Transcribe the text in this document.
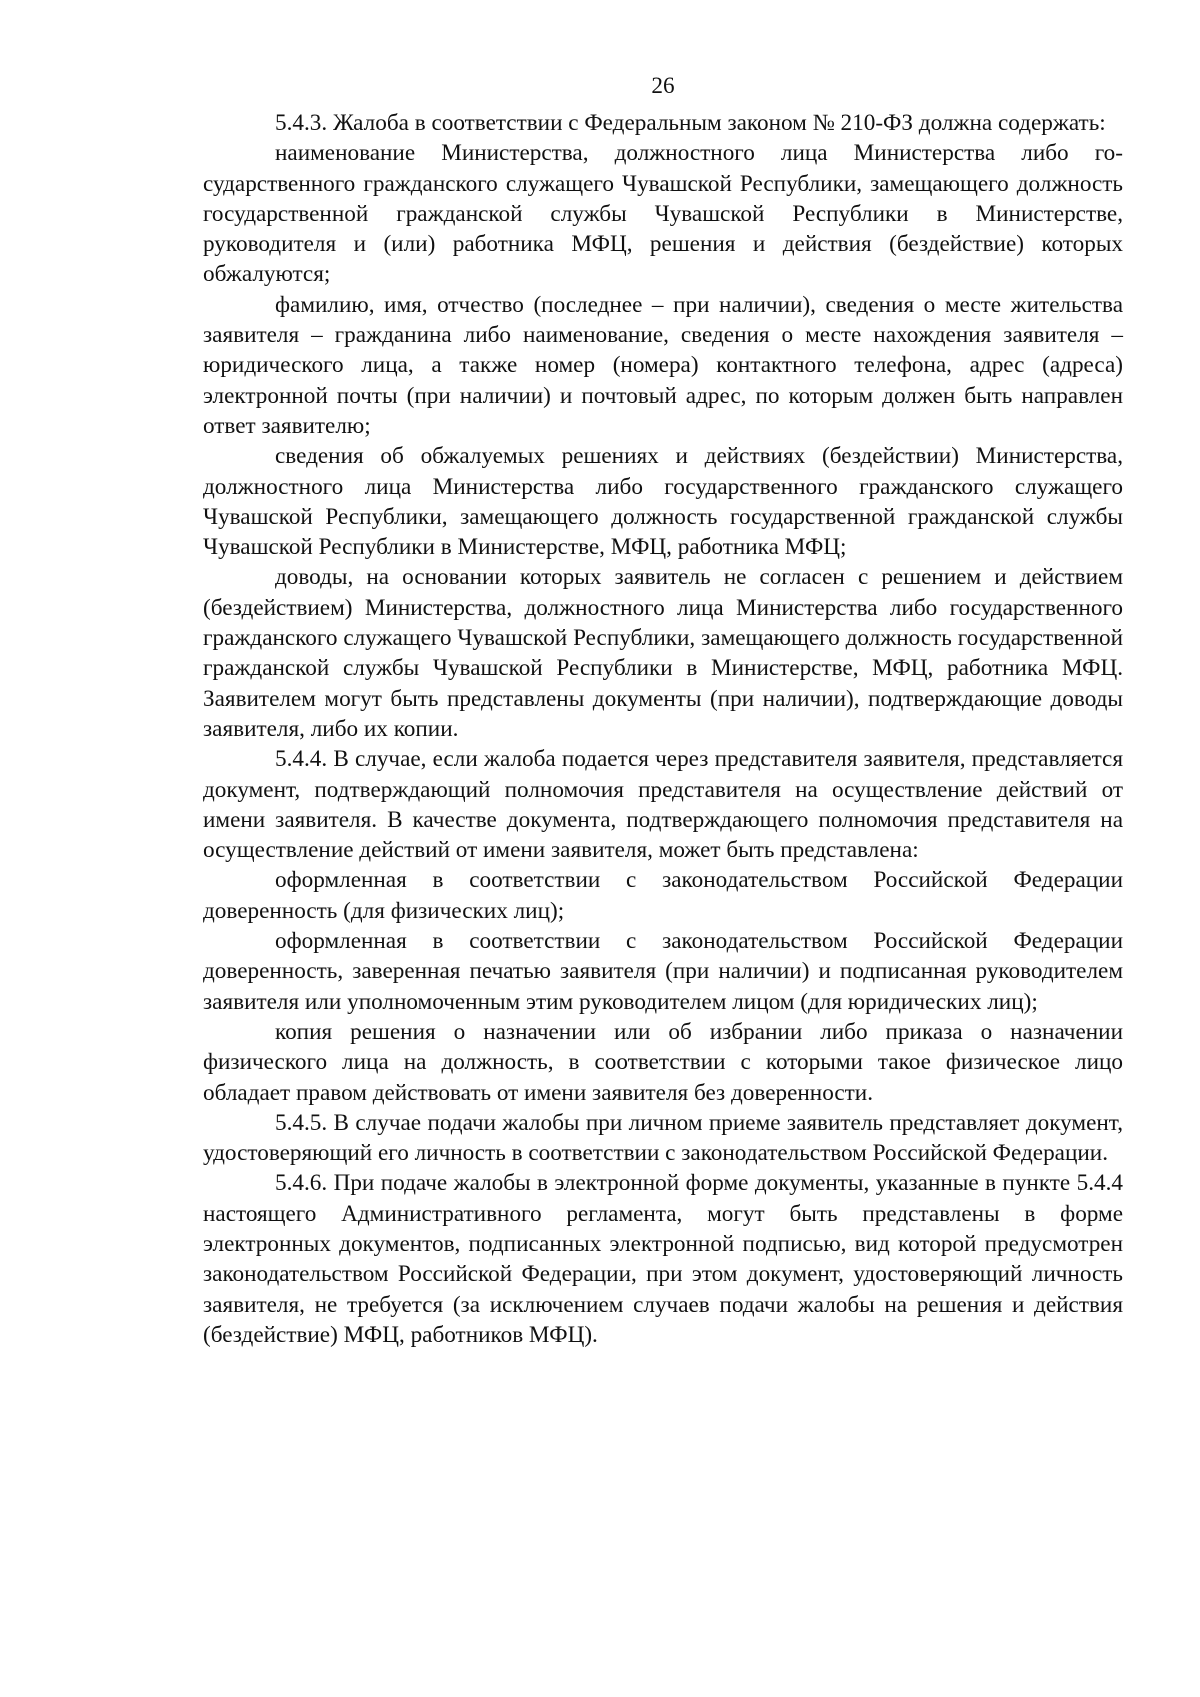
26

5.4.3. Жалоба в соответствии с Федеральным законом № 210-ФЗ должна содержать:

наименование Министерства, должностного лица Министерства либо государственного гражданского служащего Чувашской Республики, замещающего должность государственной гражданской службы Чувашской Республики в Министерстве, руководителя и (или) работника МФЦ, решения и действия (бездействие) которых обжалуются;

фамилию, имя, отчество (последнее – при наличии), сведения о месте жительства заявителя – гражданина либо наименование, сведения о месте нахождения заявителя – юридического лица, а также номер (номера) контактного телефона, адрес (адреса) электронной почты (при наличии) и почтовый адрес, по которым должен быть направлен ответ заявителю;

сведения об обжалуемых решениях и действиях (бездействии) Министерства, должностного лица Министерства либо государственного гражданского служащего Чувашской Республики, замещающего должность государственной гражданской службы Чувашской Республики в Министерстве, МФЦ, работника МФЦ;

доводы, на основании которых заявитель не согласен с решением и действием (бездействием) Министерства, должностного лица Министерства либо государственного гражданского служащего Чувашской Республики, замещающего должность государственной гражданской службы Чувашской Республики в Министерстве, МФЦ, работника МФЦ. Заявителем могут быть представлены документы (при наличии), подтверждающие доводы заявителя, либо их копии.

5.4.4. В случае, если жалоба подается через представителя заявителя, представляется документ, подтверждающий полномочия представителя на осуществление действий от имени заявителя. В качестве документа, подтверждающего полномочия представителя на осуществление действий от имени заявителя, может быть представлена:

оформленная в соответствии с законодательством Российской Федерации доверенность (для физических лиц);

оформленная в соответствии с законодательством Российской Федерации доверенность, заверенная печатью заявителя (при наличии) и подписанная руководителем заявителя или уполномоченным этим руководителем лицом (для юридических лиц);

копия решения о назначении или об избрании либо приказа о назначении физического лица на должность, в соответствии с которыми такое физическое лицо обладает правом действовать от имени заявителя без доверенности.

5.4.5. В случае подачи жалобы при личном приеме заявитель представляет документ, удостоверяющий его личность в соответствии с законодательством Российской Федерации.

5.4.6. При подаче жалобы в электронной форме документы, указанные в пункте 5.4.4 настоящего Административного регламента, могут быть представлены в форме электронных документов, подписанных электронной подписью, вид которой предусмотрен законодательством Российской Федерации, при этом документ, удостоверяющий личность заявителя, не требуется (за исключением случаев подачи жалобы на решения и действия (бездействие) МФЦ, работников МФЦ).
